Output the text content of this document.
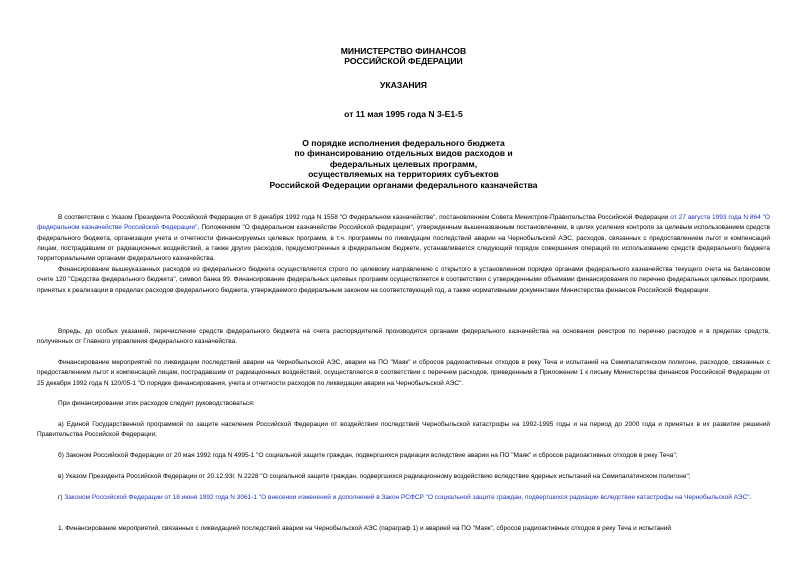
МИНИСТЕРСТВО ФИНАНСОВ
РОССИЙСКОЙ ФЕДЕРАЦИИ
УКАЗАНИЯ
от 11 мая 1995 года N 3-Е1-5
О порядке исполнения федерального бюджета
по финансированию отдельных видов расходов и
федеральных целевых программ,
осуществляемых на территориях субъектов
Российской Федерации органами федерального казначейства

В соответствии с Указом Президента Российской Федерации от 8 декабря 1992 года N 1558 "О Федеральном казначействе", постановлением Совета Министров-Правительства Российской Федерации от 27 августа 1993 года N 864 "О федеральном казначействе Российской Федерации", Положением "О федеральном казначействе Российской федерации", утвержденным вышеназванным постановлением, в целях усиления контроля за целевым использованием средств федерального бюджета, организации учета и отчетности финансируемых целевых программ, в т.ч. программы по ликвидации последствий аварии на Чернобыльской АЭС, расходов, связанных с предоставлением льгот и компенсаций лицам, пострадавшим от радиационных воздействий, а также других расходов, предусмотренных в федеральном бюджете, устанавливается следующий порядок совершения операций по использованию средств федерального бюджета территориальными органами федерального казначейства.

Финансирование вышеуказанных расходов из федерального бюджета осуществляется строго по целевому направлению с открытого в установленном порядке органами федерального казначейства текущего счета на балансовом счете 120 "Средства федерального бюджета", символ банка 99. Финансирование федеральных целевых программ осуществляется в соответствии с утвержденными объемами финансирования по перечню федеральных целевых программ, принятых к реализации в пределах расходов федерального бюджета, утверждаемого федеральным законом на соответствующий год, а также нормативными документами Министерства финансов Российской Федерации.

Впредь, до особых указаний, перечисление средств федерального бюджета на счета распорядителей производится органами федерального казначейства на основании реестров по перечню расходов и в пределах средств, полученных от Главного управления федерального казначейства.

Финансирование мероприятий по ликвидации последствий аварии на Чернобыльской АЭС, аварии на ПО "Маяк" и сбросов радиоактивных отходов в реку Теча и испытаний на Семипалатинском полигоне, расходов, связанных с предоставлением льгот и компенсаций лицам, пострадавшим от радиационных воздействий, осуществляется в соответствии с перечнем расходов, приведенным в Приложении 1 к письму Министерства финансов Российской Федерации от 25 декабря 1992 года N 120/05-1 "О порядке финансирования, учета и отчетности расходов по ликвидации аварии на Чернобыльской АЭС".

При финансировании этих расходов следует руководствоваться:

а) Единой Государственной программой по защите населения Российской Федерации от воздействия последствий Чернобыльской катастрофы на 1992-1995 годы и на период до 2000 года и принятых в их развитие решений Правительства Российской Федерации;

б) Законом Российской Федерации от 20 мая 1992 года N 4995-1 "О социальной защите граждан, подвергшихся радиации вследствие аварии на ПО "Маяк" и сбросов радиоактивных отходов в реку Теча";

в) Указом Президента Российской Федерации от 20.12.93г. N 2228 "О социальной защите граждан, подвергшихся радиационному воздействию вследствие ядерных испытаний на Семипалатинском полигоне";

г) Законом Российской Федерации от 18 июня 1992 года N 3061-1 "О внесении изменений и дополнений в Закон РСФСР "О социальной защите граждан, подвергшихся радиации вследствие катастрофы на Чернобыльской АЭС".

1. Финансирование мероприятий, связанных с ликвидацией последствий аварии на Чернобыльской АЭС (параграф 1) и аварией на ПО "Маяк", сбросов радиоактивных отходов в реку Теча и испытаний
